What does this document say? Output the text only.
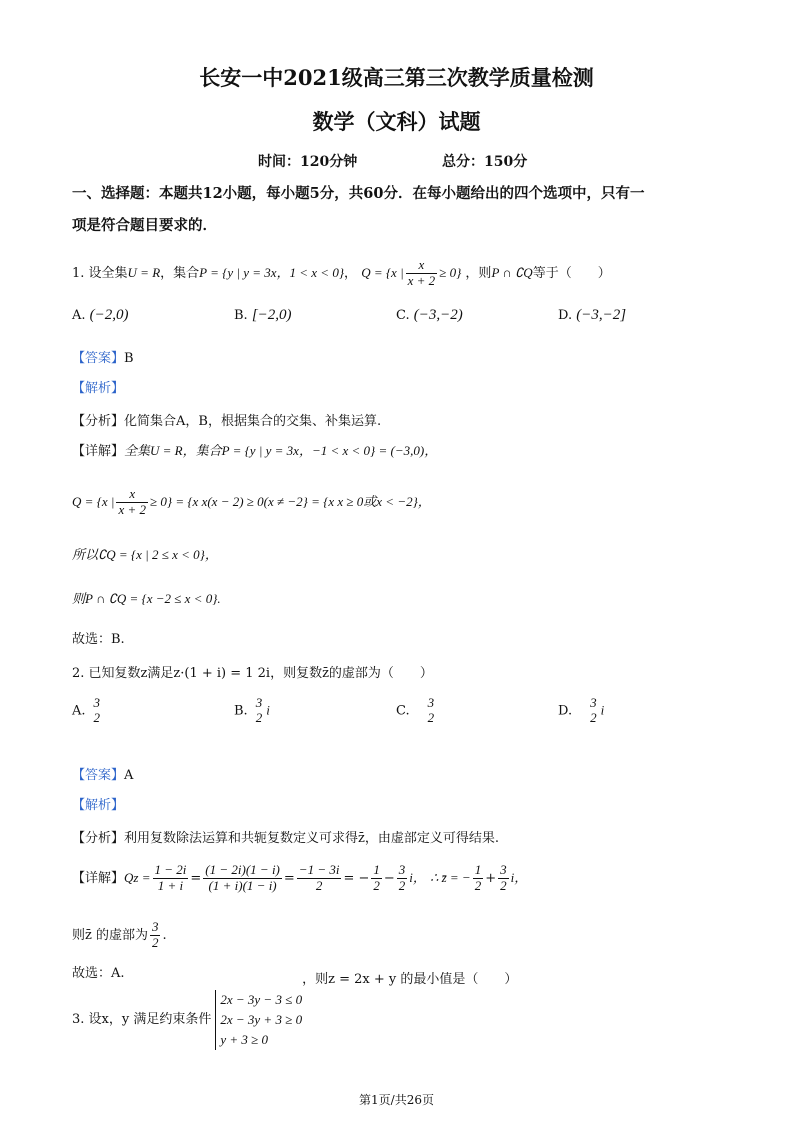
长安一中2021级高三第三次教学质量检测
数学（文科）试题
时间：120分钟	总分：150分
一、选择题：本题共12小题，每小题5分，共60分．在每小题给出的四个选项中，只有一
项是符合题目要求的．
1. 设全集U = R，集合P = {y | y = 3x，1 < x < 0}， Q = {x | $\frac{x}{x + 2} \ge 0$} ，则P ∩ ∁Q等于（　　）
A. (−2,0)	B. [−2,0)	C. (−3,−2)	D. (−3,−2]
【答案】B
【解析】
【分析】化简集合A，B，根据集合的交集、补集运算.
【详解】全集U = R，集合P = {y | y = 3x，−1 < x < 0} = (−3,0)，
Q = {x | $\frac{x}{x + 2} \ge 0\} = \{x$ x(x − 2) ≥ 0(x ≠ −2} = {x x ≥ 0或x < −2}，
所以∁Q = {x | 2 ≤ x < 0}，
则P ∩ ∁Q = {x −2 ≤ x < 0}.
故选：B.
2. 已知复数z满足z·(1 + i) = 1 2i，则复数z̄的虚部为（　　）
A.
3
2	B.
3
2 i	C.
3
2	D.
3
2 i
【答案】A
【解析】
【分析】利用复数除法运算和共轭复数定义可求得z̄，由虚部定义可得结果.
【详解】$Qz = \frac{1 - 2i}{1 + i} = \frac{(1 - 2i)(1 - i)}{(1 + i)(1 - i)} = \frac{-1 - 3i}{2}$ = − $\frac{1}{2} - \frac{3}{2}$ i， ∴ z̄ = − $\frac{1}{2} + \frac{3}{2}$ i，
则z̄ 的虚部为 $\frac{3}{2}$ .
故选：A.
3. 设x，y 满足约束条件
2x − 3y − 3 ≤ 0
2x − 3y + 3 ≥ 0
y + 3 ≥ 0
，则z = 2x + y 的最小值是（　　）
第1页/共26页
